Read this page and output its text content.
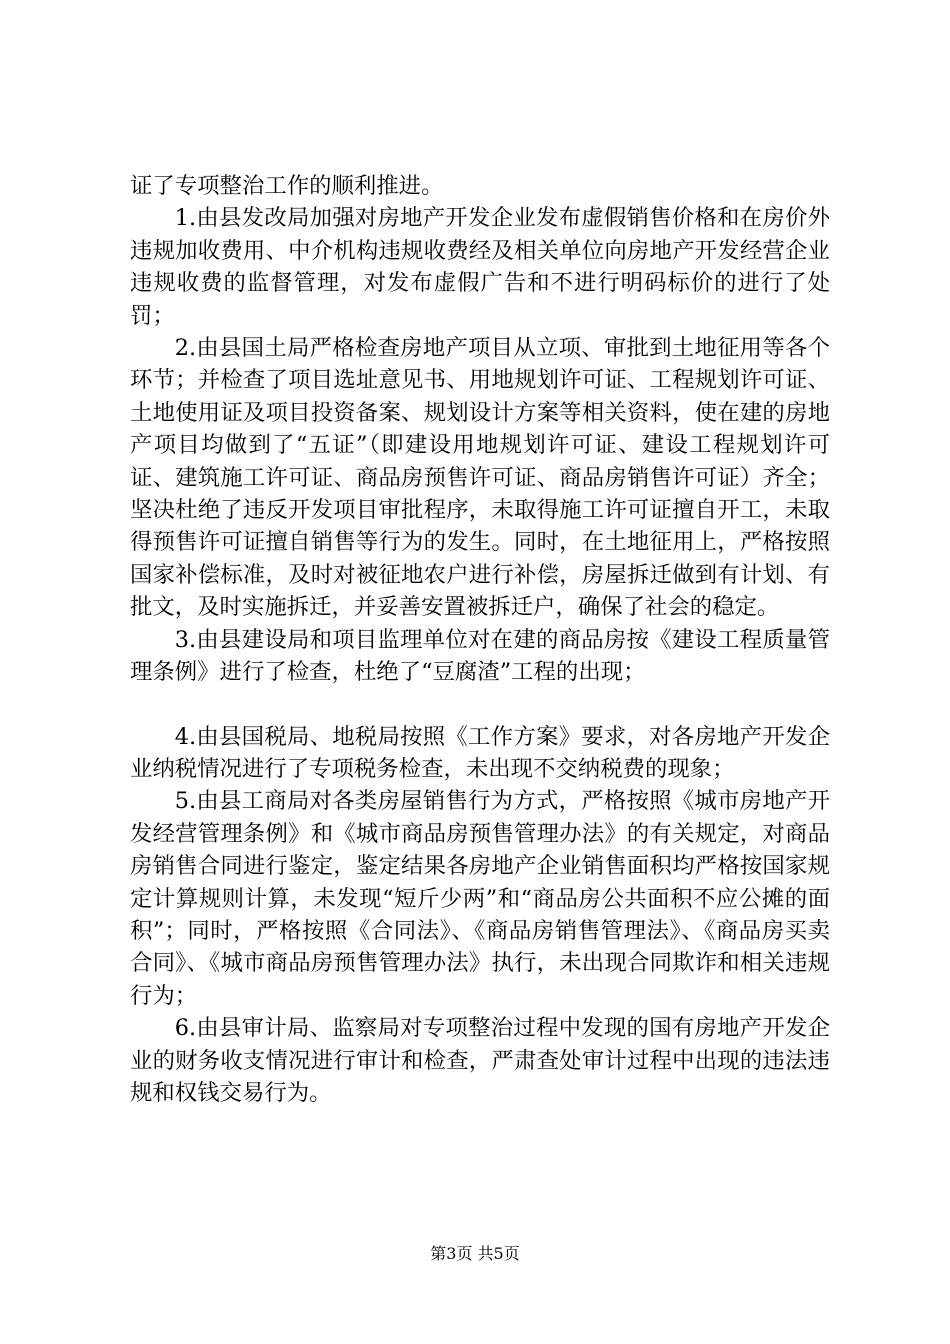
证了专项整治工作的顺利推进。

1.由县发改局加强对房地产开发企业发布虚假销售价格和在房价外违规加收费用、中介机构违规收费经及相关单位向房地产开发经营企业违规收费的监督管理，对发布虚假广告和不进行明码标价的进行了处罚；

2.由县国土局严格检查房地产项目从立项、审批到土地征用等各个环节；并检查了项目选址意见书、用地规划许可证、工程规划许可证、土地使用证及项目投资备案、规划设计方案等相关资料，使在建的房地产项目均做到了“五证”（即建设用地规划许可证、建设工程规划许可证、建筑施工许可证、商品房预售许可证、商品房销售许可证）齐全；坚决杜绝了违反开发项目审批程序，未取得施工许可证擅自开工，未取得预售许可证擅自销售等行为的发生。同时，在土地征用上，严格按照国家补偿标准，及时对被征地农户进行补偿，房屋拆迁做到有计划、有批文，及时实施拆迁，并妥善安置被拆迁户，确保了社会的稳定。

3.由县建设局和项目监理单位对在建的商品房按《建设工程质量管理条例》进行了检查，杜绝了“豆腐渣”工程的出现；

4.由县国税局、地税局按照《工作方案》要求，对各房地产开发企业纳税情况进行了专项税务检查，未出现不交纳税费的现象；

5.由县工商局对各类房屋销售行为方式，严格按照《城市房地产开发经营管理条例》和《城市商品房预售管理办法》的有关规定，对商品房销售合同进行鉴定，鉴定结果各房地产企业销售面积均严格按国家规定计算规则计算，未发现“短斤少两”和“商品房公共面积不应公摊的面积”；同时，严格按照《合同法》、《商品房销售管理法》、《商品房买卖合同》、《城市商品房预售管理办法》执行，未出现合同欺诈和相关违规行为；

6.由县审计局、监察局对专项整治过程中发现的国有房地产开发企业的财务收支情况进行审计和检查，严肃查处审计过程中出现的违法违规和权钱交易行为。

第3页 共5页
